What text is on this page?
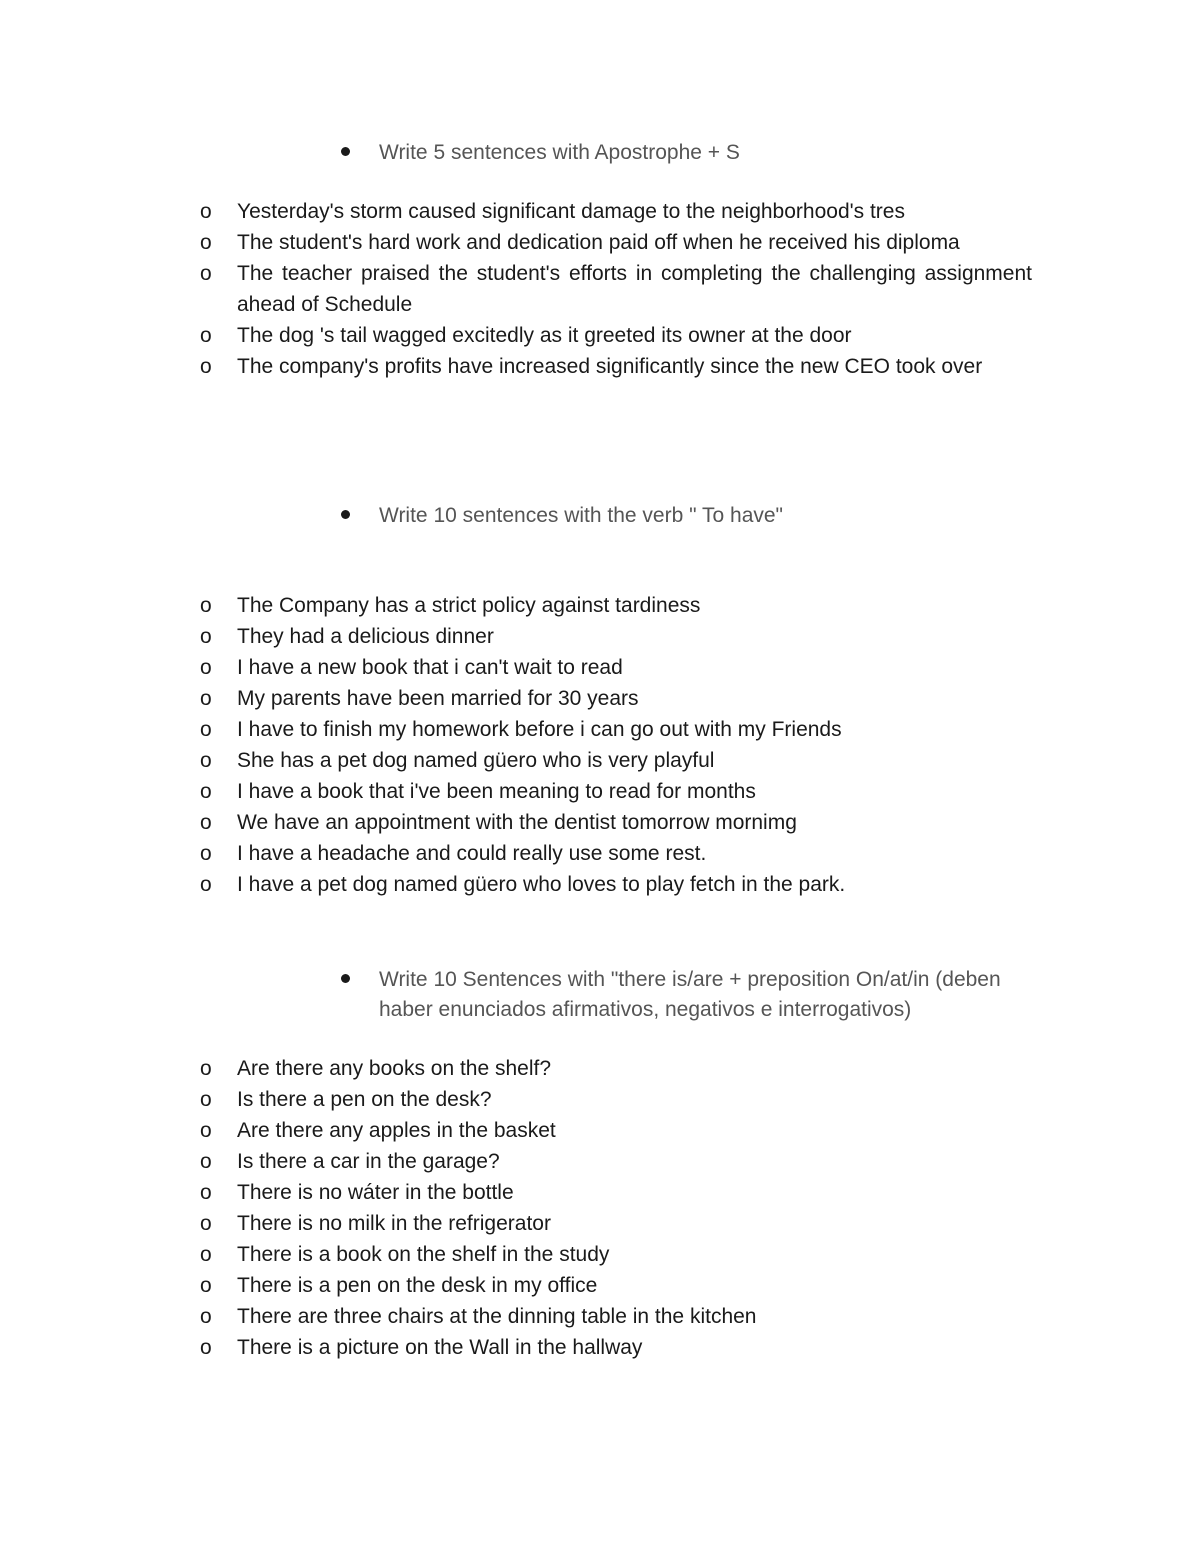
Write 5 sentences with Apostrophe + S
o Yesterday's storm caused significant damage to the neighborhood's tres
o The student's hard work and dedication paid off when he received his diploma
o The teacher praised the student's efforts in completing the challenging assignment ahead of Schedule
o The dog 's tail wagged excitedly as it greeted its owner at the door
o The company's profits have increased significantly since the new CEO took over
Write 10 sentences with the verb " To have"
o The Company has a strict policy against tardiness
o They had a delicious dinner
o I have a new book that i can't wait to read
o My parents have been married for 30 years
o I have to finish my homework before i can go out with my Friends
o She has a pet dog named güero who is very playful
o I have a book that i've been meaning to read for months
o We have an appointment with the dentist tomorrow mornimg
o I have a headache and could really use some rest.
o I have a pet dog named güero who loves to play fetch in the park.
Write 10 Sentences with "there is/are + preposition On/at/in (deben haber enunciados afirmativos, negativos e interrogativos)
o Are there any books on the shelf?
o Is there a pen on the desk?
o Are there any apples in the basket
o Is there a car in the garage?
o There is no wáter in the bottle
o There is no milk in the refrigerator
o There is a book on the shelf in the study
o There is a pen on the desk in my office
o There are three chairs at the dinning table in the kitchen
o There is a picture on the Wall in the hallway
